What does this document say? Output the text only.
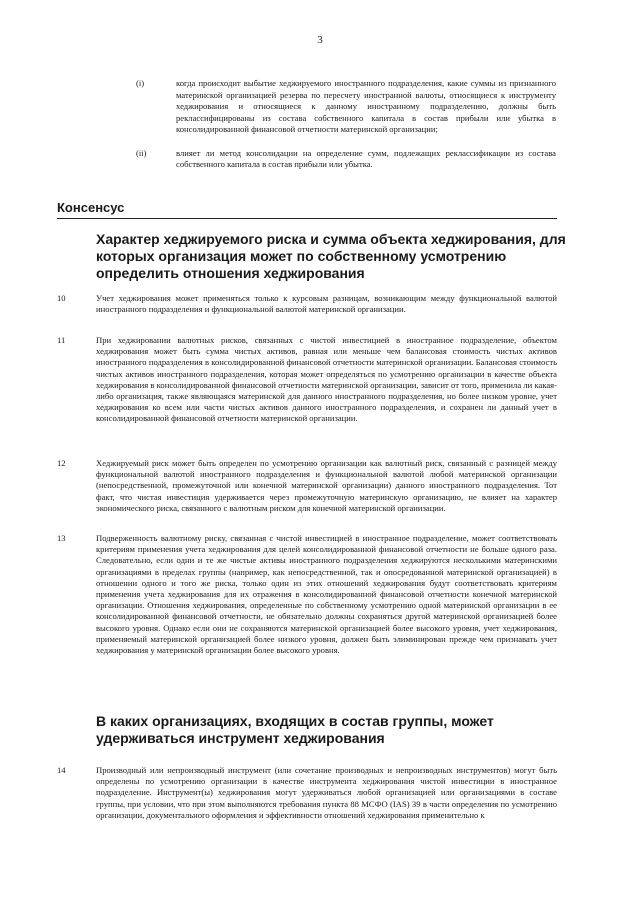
3
(i)	когда происходит выбытие хеджируемого иностранного подразделения, какие суммы из признанного материнской организацией резерва по пересчету иностранной валюты, относящиеся к инструменту хеджирования и относящиеся к данному иностранному подразделению, должны быть реклассифицированы из состава собственного капитала в состав прибыли или убытка в консолидированной финансовой отчетности материнской организации;
(ii)	влияет ли метод консолидации на определение сумм, подлежащих реклассификации из состава собственного капитала в состав прибыли или убытка.
Консенсус
Характер хеджируемого риска и сумма объекта хеджирования, для которых организация может по собственному усмотрению определить отношения хеджирования
10	Учет хеджирования может применяться только к курсовым разницам, возникающим между функциональной валютой иностранного подразделения и функциональной валютой материнской организации.
11	При хеджировании валютных рисков, связанных с чистой инвестицией в иностранное подразделение, объектом хеджирования может быть сумма чистых активов, равная или меньше чем балансовая стоимость чистых активов иностранного подразделения в консолидированной финансовой отчетности материнской организации. Балансовая стоимость чистых активов иностранного подразделения, которая может определяться по усмотрению организации в качестве объекта хеджирования в консолидированной финансовой отчетности материнской организации, зависит от того, применила ли какая-либо организация, также являющаяся материнской для данного иностранного подразделения, но более низком уровне, учет хеджирования ко всем или части чистых активов данного иностранного подразделения, и сохранен ли данный учет в консолидированной финансовой отчетности материнской организации.
12	Хеджируемый риск может быть определен по усмотрению организации как валютный риск, связанный с разницей между функциональной валютой иностранного подразделения и функциональной валютой любой материнской организации (непосредственной, промежуточной или конечной материнской организации) данного иностранного подразделения. Тот факт, что чистая инвестиция удерживается через промежуточную материнскую организацию, не влияет на характер экономического риска, связанного с валютным риском для конечной материнской организации.
13	Подверженность валютному риску, связанная с чистой инвестицией в иностранное подразделение, может соответствовать критериям применения учета хеджирования для целей консолидированной финансовой отчетности не больше одного раза. Следовательно, если одни и те же чистые активы иностранного подразделения хеджируются несколькими материнскими организациями в пределах группы (например, как непосредственной, так и опосредованной материнской организацией) в отношении одного и того же риска, только один из этих отношений хеджирования будут соответствовать критериям применения учета хеджирования для их отражения в консолидированной финансовой отчетности конечной материнской организации. Отношения хеджирования, определенные по собственному усмотрению одной материнской организации в ее консолидированной финансовой отчетности, не обязательно должны сохраняться другой материнской организацией более высокого уровня. Однако если они не сохраняются материнской организацией более высокого уровня, учет хеджирования, применяемый материнской организацией более низкого уровня, должен быть элиминирован прежде чем признавать учет хеджирования у материнской организации более высокого уровня.
В каких организациях, входящих в состав группы, может удерживаться инструмент хеджирования
14	Производный или непроизводный инструмент (или сочетание производных и непроизводных инструментов) могут быть определены по усмотрению организации в качестве инструмента хеджирования чистой инвестиции в иностранное подразделение. Инструмент(ы) хеджирования могут удерживаться любой организацией или организациями в составе группы, при условии, что при этом выполняются требования пункта 88 МСФО (IAS) 39 в части определения по усмотрению организации, документального оформления и эффективности отношений хеджирования применительно к
